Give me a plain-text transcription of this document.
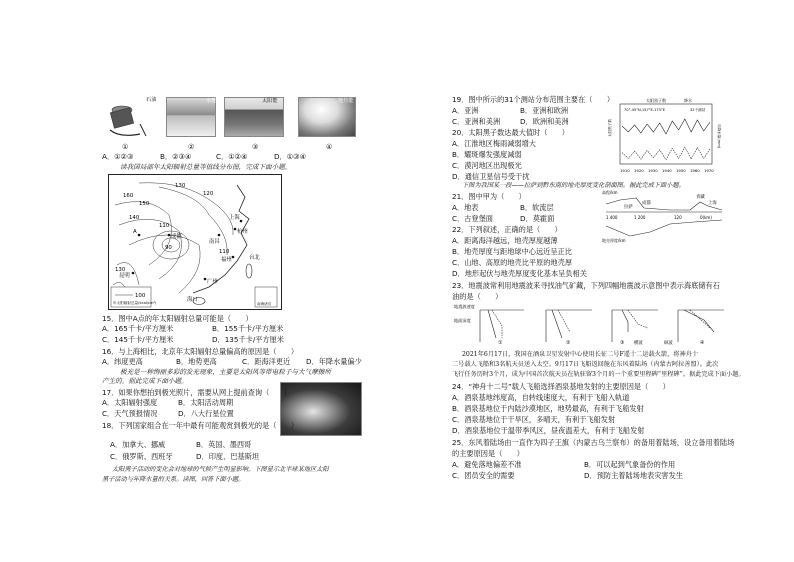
石油	水能	太阳能	地热能
①	②	③	④
A．①②③	B．②③④	C．①②④	D．①③④
读我国局部年太阳辐射总量等值线分布图，完成下面小题。
160
150
140
130
120
110
90
110
130
成都
南昌
上海
杭州
福州	台北
昆明
广州
海口
A
100
年太阳辐射总量(kcal/cm²)	南海诸岛
15．图中A点的年太阳辐射总量可能是（　　）
A．165千卡/平方厘米	B．155千卡/平方厘米
C．145千卡/平方厘米	D．135千卡/平方厘米
16．与上海相比，北京年太阳辐射总量偏高的原因是（　　）
A．纬度更高	B．地势更高	C．距海洋更近 D．年降水量偏少
极光是一种绚丽多彩的发光现象，主要是太阳风等带电粒子与大气摩擦所
产生的。据此完成下面小题。
17．如果你想拍到极光照片，需要从网上提前查询（　　）
A．太阳辐射强度	B．太阳活动周期
C．天气预报情况	D．八大行星位置
18．下列国家组合在一年中最有可能观赏到极光的是（　　）
A．加拿大、挪威	B．英国、墨西哥
C．俄罗斯、西班牙	D．印度、巴基斯坦
太阳黑子活动的变化会对地球的气候产生明显影响。下图显示北半球某地区太阳
黑子活动与年降水量的关系。读图，回答下面小题。
19．图中所示的31个测站分布范围主要在（　　）
A．亚洲	B．亚洲和欧洲
C．亚洲和美洲	D．欧洲和美洲
20．太阳黑子数达最大值时（　　）
A．江淮地区梅雨减弱增大
B．耀斑爆发强度减弱
C．漠河地区出现极光
D．通信卫星信号受干扰
太阳黑子数	降水
70°-45°N,157°E-173°E	31个测站
太阳黑子数	年降水量(mm)
1910 1920 1930 1940 1950 1960 1970
下图为我国某一段——拉萨到黔东南的地壳厚度变化剖面图。据此完成下面小题。
21．图中甲为（　　）
A．地表	B．软流层
C．古登堡面	D．莫霍面
高程/km
拉萨
成都
青藏
上海
1 400	1 200	120	0(km)
地壳厚度/km
22．下列叙述，正确的是（　　）
A．距离海洋越远，地壳厚度越薄
B．地壳厚度与距地球中心远近呈正比
C．山地、高原的地壳比平原的地壳厚
D．地形起伏与地壳厚度变化基本呈负相关
23．地震波常利用地震波来寻找油气矿藏，下列四幅地震波示意图中表示海底储有石
油的是（　　）
地震波速度
地面深度
①	②	③ 横波	纵波	④
2021年6月17日，我国在酒泉卫星发射中心使用长征二号F遥十二运载火箭，将神舟十
二号载人飞船和3名航天员送入太空。9月17日飞船返回舱在东风着陆场（内蒙古阿拉善盟）。此次
飞行任务历时3个月，成为中国首次航天员在轨驻留3个月的一个重要里程碑“里程碑”。据此完成下面小题。
24．“神舟十二号”载人飞船选择酒泉基地发射的主要原因是（　　）
A．酒泉基地纬度高，自转线速度大，有利于飞船入轨道
B．酒泉基地位于内陆沙漠地区，地势最高，有利于飞船发射
C．酒泉基地位于干旱区，多晴天，有利于飞船发射
D．酒泉基地位于温带季风区，昼夜温差大，有利于飞船发射
25．东风着陆场由一直作为四子王旗（内蒙古乌兰察布）的备用着陆场，设立备用着陆场
的主要原因是（　　）
A．避免落地偏差不准	B．可以起到气象备份的作用
C．团员安全的需要	D．预防主着陆场地表灾害发生
